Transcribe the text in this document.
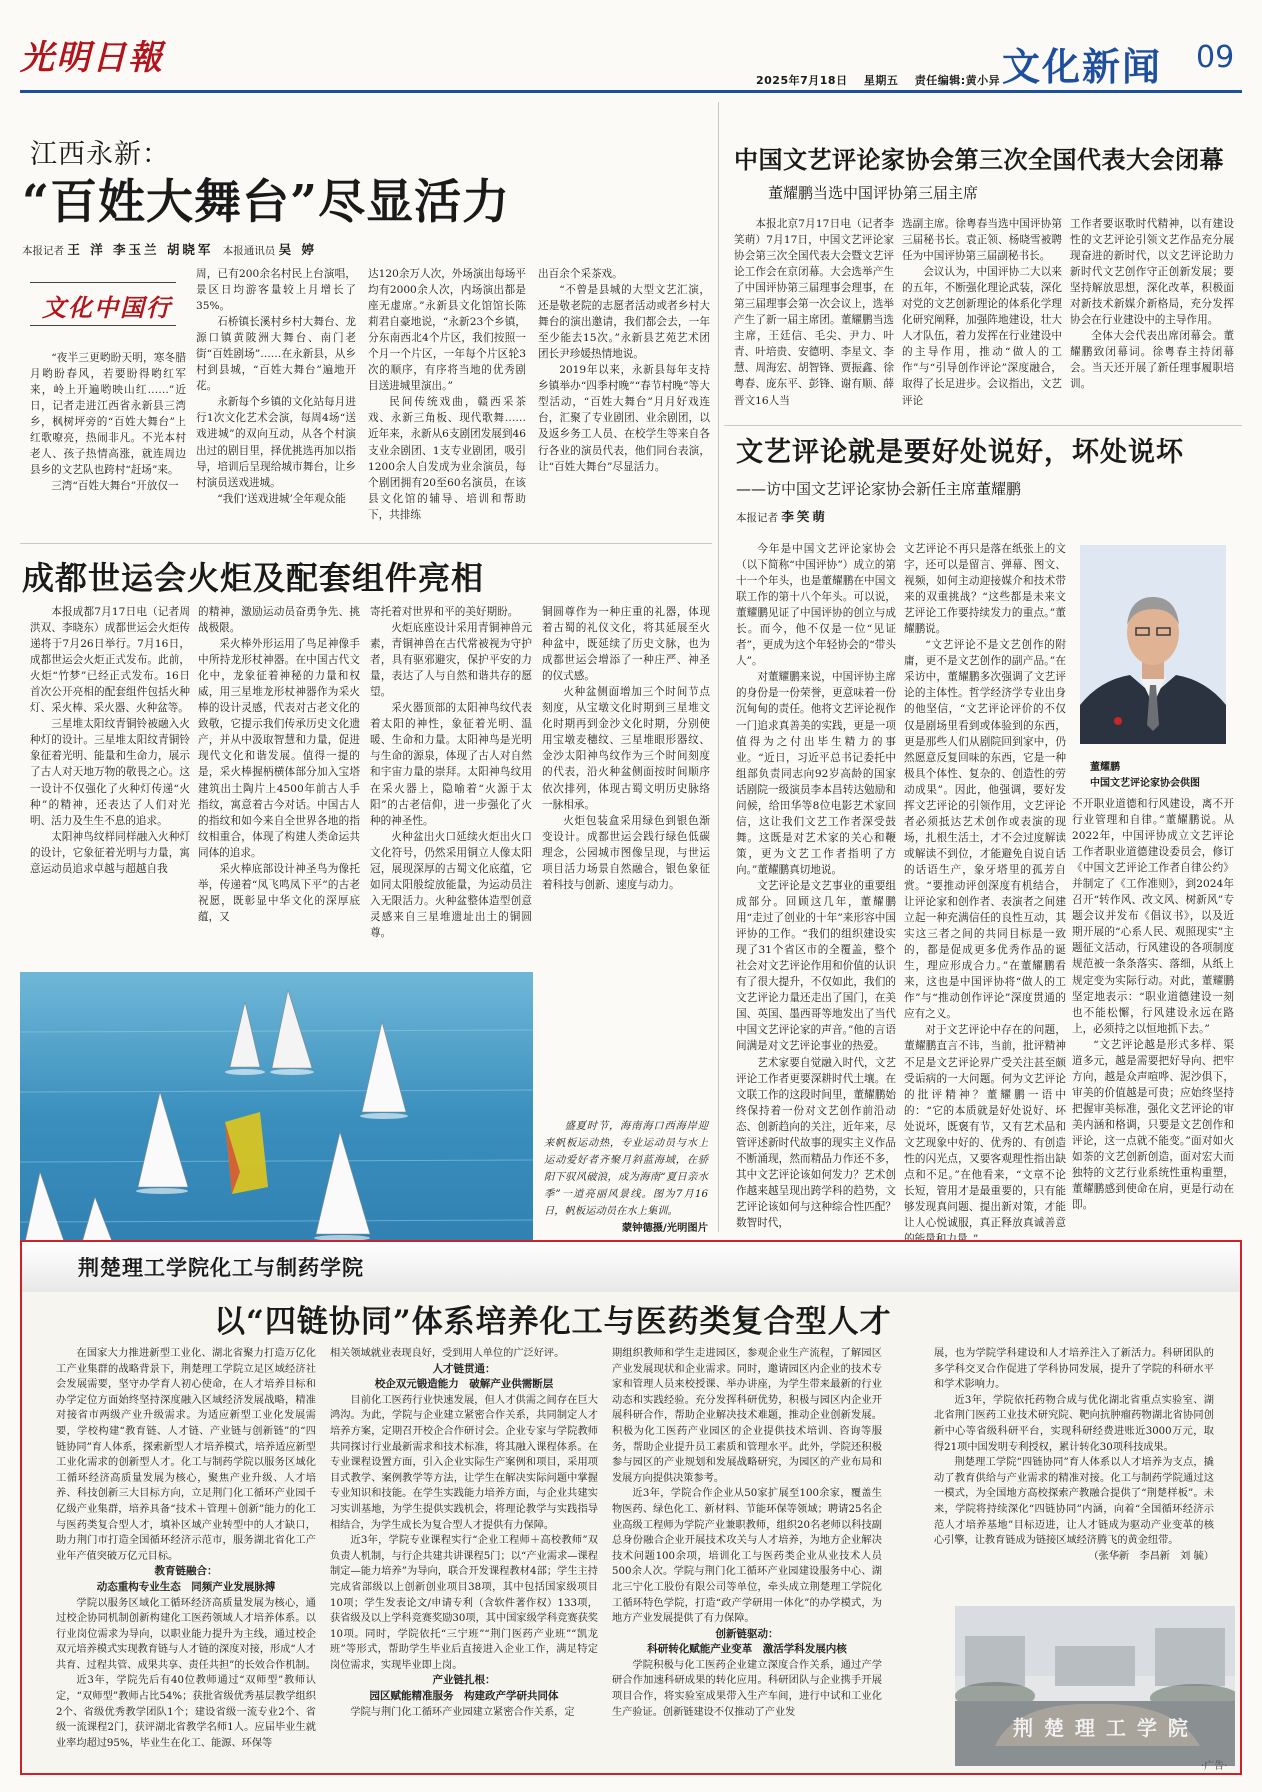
光明日報
2025年7月18日 星期五 责任编辑:黄小异 文化新闻 09
江西永新：
“百姓大舞台”尽显活力
本报记者 王 洋 李玉兰 胡晓军 本报通讯员 吴 婷
文化中国行

“夜半三更哟盼天明，寒冬腊月哟盼春风，若要盼得哟红军来，岭上开遍哟映山红……”近日，记者走进江西省永新县三湾乡，枫树坪旁的“百姓大舞台”上红歌嘹亮，热闹非凡。不光本村老人、孩子热情高涨，就连周边县乡的文艺队也跨村“赶场”来。

三湾“百姓大舞台”开放仅一

周，已有200余名村民上台演唱，景区日均游客量较上月增长了35%。

石桥镇长溪村乡村大舞台、龙源口镇黄陂洲大舞台、南门老街“百姓剧场”……在永新县，从乡村到县城，“百姓大舞台”遍地开花。

永新每个乡镇的文化站每月进行1次文化艺术会演，每周4场“送戏进城”的双向互动，从各个村演出过的剧目里，择优挑选再加以指导，培训后呈现给城市舞台，让乡村演员送戏进城。

“我们‘送戏进城’全年观众能

达120余万人次，外场演出每场平均有2000余人次，内场演出都是座无虚席。”永新县文化馆馆长陈莉君自豪地说，“永新23个乡镇，分东南西北4个片区，我们按照一个月一个片区，一年每个片区轮3次的顺序，有序将当地的优秀剧目送进城里演出。”

民间传统戏曲，赣西采茶戏、永新三角板、现代歌舞……近年来，永新从6支剧团发展到46支业余剧团、1支专业剧团，吸引1200余人自发成为业余演员，每个剧团拥有20至60名演员，在该县文化馆的辅导、培训和帮助下，共排练

出百余个采茶戏。

“不曾是县城的大型文艺汇演，还是敬老院的志愿者活动或者乡村大舞台的演出邀请，我们都会去，一年至少能去15次。”永新县艺苑艺术团团长尹珍媛热情地说。

2019年以来，永新县每年支持乡镇举办“四季村晚”“春节村晚”等大型活动，“百姓大舞台”月月好戏连台，汇聚了专业剧团、业余剧团，以及返乡务工人员、在校学生等来自各行各业的演员代表，他们同台表演，让“百姓大舞台”尽显活力。

成都世运会火炬及配套组件亮相

本报成都7月17日电（记者周洪双、李晓东）成都世运会火炬传递将于7月26日举行。7月16日，成都世运会火炬正式发布。此前，火炬“竹梦”已经正式发布。16日首次公开亮相的配套组件包括火种灯、采火棒、采火器、火种盆等。

三星堆太阳纹青铜铃被融入火种灯的设计。三星堆太阳纹青铜铃象征着光明、能量和生命力，展示了古人对天地万物的敬畏之心。这一设计不仅强化了火种灯传递“火种”的精神，还表达了人们对光明、活力及生生不息的追求。

太阳神鸟纹样同样融入火种灯的设计，它象征着光明与力量，寓意运动员追求卓越与超越自我

的精神，激励运动员奋勇争先、挑战极限。

采火棒外形运用了鸟足神像手中所持龙形杖神器。在中国古代文化中，龙象征着神秘的力量和权威，用三星堆龙形杖神器作为采火棒的设计灵感，代表对古老文化的致敬，它提示我们传承历史文化遗产，并从中汲取智慧和力量，促进现代文化和谐发展。值得一提的是，采火棒握柄横体部分加入宝塔建筑出土陶片上4500年前古人手指纹，寓意着古今对话。中国古人的指纹和如今来自全世界各地的指纹相重合，体现了构建人类命运共同体的追求。

采火棒底部设计神圣鸟为像托举，传递着“凤飞鸣凤下平”的古老祝愿，既彰显中华文化的深厚底蕴，又

寄托着对世界和平的美好期盼。

火炬底座设计采用青铜神兽元素，青铜神兽在古代常被视为守护者，具有驱邪避灾，保护平安的力量，表达了人与自然和谐共存的愿望。

采火器顶部的太阳神鸟纹代表着太阳的神性，象征着光明、温暖、生命和力量。太阳神鸟是光明与生命的源泉，体现了古人对自然和宇宙力量的崇拜。太阳神鸟纹用在采火器上，隐喻着“火源于太阳”的古老信仰，进一步强化了火种的神圣性。

火种盆出火口延续火炬出火口文化符号，仍然采用铜立人像太阳冠，展现深厚的古蜀文化底蕴，它如同太阳般绽放能量，为运动员注入无限活力。火种盆整体造型创意灵感来自三星堆遗址出土的铜圆尊。

铜圆尊作为一种庄重的礼器，体现着古蜀的礼仪文化，将其延展至火种盆中，既延续了历史文脉，也为成都世运会增添了一种庄严、神圣的仪式感。

火种盆侧面增加三个时间节点刻度，从宝墩文化时期到三星堆文化时期再到金沙文化时期，分别使用宝墩麦穗纹、三星堆眼形器纹、金沙太阳神鸟纹作为三个时间刻度的代表，沿火种盆侧面按时间顺序依次排列，体现古蜀文明历史脉络一脉相承。

火炬包装盒采用绿色到银色渐变设计。成都世运会践行绿色低碳理念，公园城市图像呈现，与世运项目活力场景自然融合，银色象征着科技与创新、速度与动力。

盛夏时节，海南海口西海岸迎来帆板运动热，专业运动员与水上运动爱好者齐聚月斜蓝海域，在骄阳下驭风破浪，成为海南“夏日亲水季”一道亮丽风景线。图为7月16日，帆板运动员在水上集训。

蒙钟德摄/光明图片

中国文艺评论家协会第三次全国代表大会闭幕
董耀鹏当选中国评协第三届主席

本报北京7月17日电（记者李笑萌）7月17日，中国文艺评论家协会第三次全国代表大会暨文艺评论工作会在京闭幕。大会选举产生了中国评协第三届理事会理事，在第三届理事会第一次会议上，选举产生了新一届主席团。董耀鹏当选主席，王廷信、毛尖、尹力、叶青、叶培贵、安德明、李星文、李慧、周海宏、胡智锋、贾振鑫、徐粤春、庞东平、彭锋、谢有顺、薛晋文16人当

选副主席。徐粤春当选中国评协第三届秘书长。袁正领、杨晓雪被聘任为中国评协第三届副秘书长。

会议认为，中国评协二大以来的五年，不断强化理论武装，深化对党的文艺创新理论的体系化学理化研究阐释，加强阵地建设，壮大人才队伍，着力发挥在行业建设中的主导作用，推动“做人的工作”与“引导创作评论”深度融合，取得了长足进步。会议指出，文艺评论

工作者要讴歌时代精神，以有建设性的文艺评论引领文艺作品充分展现奋进的新时代，以文艺评论助力新时代文艺创作守正创新发展；要坚持解放思想，深化改革，积极面对新技术新媒介新格局，充分发挥协会在行业建设中的主导作用。

全体大会代表出席闭幕会。董耀鹏致闭幕词。徐粤春主持闭幕会。当天还开展了新任理事履职培训。

文艺评论就是要好处说好，坏处说坏
——访中国文艺评论家协会新任主席董耀鹏
本报记者 李笑萌

今年是中国文艺评论家协会（以下简称“中国评协”）成立的第十一个年头，也是董耀鹏在中国文联工作的第十八个年头。可以说，董耀鹏见证了中国评协的创立与成长。而今，他不仅是一位“见证者”，更成为这个年轻协会的“带头人”。

对董耀鹏来说，中国评协主席的身份是一份荣誉，更意味着一份沉甸甸的责任。他将文艺评论视作一门追求真善美的实践，更是一项值得为之付出毕生精力的事业。“近日，习近平总书记委托中组部负责同志向92岁高龄的国家话剧院一级演员李本昌转达勉励和问候，给田华等8位电影艺术家回信，这让我们文艺工作者深受鼓舞。这既是对艺术家的关心和鞭策，更为文艺工作者指明了方向。”董耀鹏真切地说。

文艺评论是文艺事业的重要组成部分。回顾这几年，董耀鹏用“走过了创业的十年”来形容中国评协的工作。“我们的组织建设实现了31个省区市的全覆盖，整个社会对文艺评论作用和价值的认识有了很大提升，不仅如此，我们的文艺评论力量还走出了国门，在美国、英国、墨西哥等地发出了当代中国文艺评论家的声音。”他的言语间满是对文艺评论事业的热爱。

艺术家要自觉融入时代，文艺评论工作者更要深耕时代土壤。在文联工作的这段时间里，董耀鹏始终保持着一份对文艺创作前沿动态、创新趋向的关注，近年来，尽管评述新时代故事的现实主义作品不断涌现，然而精品力作还不多，其中文艺评论该如何发力？艺术创作越来越呈现出跨学科的趋势，文艺评论该如何与这种综合性匹配？数智时代，

文艺评论不再只是落在纸张上的文字，还可以是留言、弹幕、图文、视频，如何主动迎接媒介和技术带来的双重挑战？“这些都是未来文艺评论工作要持续发力的重点。”董耀鹏说。

“文艺评论不是文艺创作的附庸，更不是文艺创作的副产品。”在采访中，董耀鹏多次强调了文艺评论的主体性。哲学经济学专业出身的他坚信，“文艺评论评价的不仅仅是剧场里看到或体验到的东西，更是那些人们从剧院回到家中，仍然愿意反复回味的东西，它是一种极具个体性、复杂的、创造性的劳动成果”。因此，他强调，要好发挥文艺评论的引领作用，文艺评论者必须抵达艺术创作或表演的现场，扎根生活土，才不会过度解读或解读不到位，才能避免自说自话的话语生产，象牙塔里的孤芳自赏。“要推动评创深度有机结合，让评论家和创作者、表演者之间建立起一种充满信任的良性互动，其实这三者之间的共同目标是一致的，都是促成更多优秀作品的诞生，理应形成合力。”在董耀鹏看来，这也是中国评协将“做人的工作”与“推动创作评论”深度贯通的应有之义。

对于文艺评论中存在的问题，董耀鹏直言不讳，当前，批评精神不足是文艺评论界广受关注甚至颇受诟病的一大问题。何为文艺评论的批评精神？董耀鹏一语中的：“它的本质就是好处说好、坏处说坏，既褒有节，又有艺术品和文艺现象中好的、优秀的、有创造性的闪光点，又要客观理性指出缺点和不足。”在他看来，“文章不论长短，管用才是最重要的，只有能够发现真问题、提出新对策，才能让人心悦诚服，真正释放真诚善意

董耀鹏
中国文艺评论家协会供图

不开职业道德和行风建设，离不开行业管理和自律。”董耀鹏说。从2022年，中国评协成立文艺评论工作者职业道德建设委员会，修订《中国文艺评论工作者自律公约》并制定了《工作准则》，到2024年召开“转作风、改文风、树新风”专题会议并发布《倡议书》，以及近期开展的“心系人民、观照现实”主题征文活动，行风建设的各项制度规范被一条条落实、落细，从纸上规定变为实际行动。对此，董耀鹏坚定地表示：“职业道德建设一刻也不能松懈，行风建设永远在路上，必须持之以恒地抓下去。”

“文艺评论越是形式多样、渠道多元，越是需要把好导向、把牢方向，越是众声喧哗、泥沙俱下，审美的价值越是可贵；应始终坚持把握审美标准，强化文艺评论的审美内涵和格调，只要是文艺创作和评论，这一点就不能变。”面对如火如荼的文艺创新创造，面对宏大而独特的文艺行业系统性重构重塑，董耀鹏感到使命在肩，更是行动在即。

荆楚理工学院化工与制药学院
以“四链协同”体系培养化工与医药类复合型人才

在国家大力推进新型工业化、湖北省聚力打造万亿化工产业集群的战略背景下，荆楚理工学院立足区域经济社会发展需要，坚守办学育人初心使命，在人才培养目标和办学定位方面始终坚持深度融入区域经济发展战略，精准对接省市两级产业升级需求。为适应新型工业化发展需要，学校构建“教育链、人才链、产业链与创新链”的“四链协同”育人体系，探索新型人才培养模式，培养适应新型工业化需求的创新型人才。化工与制药学院以服务区域化工循环经济高质量发展为核心，聚焦产业升级、人才培养、科技创新三大目标方向，立足荆门化工循环产业园千亿级产业集群，培养具备“技术＋管理＋创新”能力的化工与医药类复合型人才，填补区域产业转型中的人才缺口，助力荆门市打造全国循环经济示范市，服务湖北省化工产业年产值突破万亿元目标。

教育链融合：

动态重构专业生态　同频产业发展脉搏

学院以服务区域化工循环经济高质量发展为核心，通过校企协同机制创新构建化工医药领域人才培养体系。以行业岗位需求为导向，以职业能力提升为主线，通过校企双元培养模式实现教育链与人才链的深度对接，形成“人才共育、过程共管、成果共享、责任共担”的长效合作机制。

近3年，学院先后有40位教师通过“双师型”教师认定，“双师型”教师占比54%；获批省级优秀基层教学组织2个、省级优秀教学团队1个；建设省级一流专业2个、省级一流课程2门，获评湖北省教学名师1人。应届毕业生就业率均超过95%，毕业生在化工、能源、环保等

相关领域就业表现良好，受到用人单位的广泛好评。

人才链贯通：

校企双元锻造能力　破解产业供需断层

目前化工医药行业快速发展，但人才供需之间存在巨大鸿沟。为此，学院与企业建立紧密合作关系，共同制定人才培养方案，定期召开校企合作研讨会。企业专家与学院教师共同探讨行业最新需求和技术标准，将其融入课程体系。在专业课程设置方面，引入企业实际生产案例和项目，采用项目式教学、案例教学等方法，让学生在解决实际问题中掌握专业知识和技能。在学生实践能力培养方面，与企业共建实习实训基地，为学生提供实践机会，将理论教学与实践指导相结合，为学生成长为复合型人才提供有力保障。

近3年，学院专业课程实行“企业工程师＋高校教师”双负责人机制，与行企共建共讲课程5门；以“产业需求—课程制定—能力培养”为导向，联合开发课程教材4部；学生主持完成省部级以上创新创业项目38项，其中包括国家级项目10项；学生发表论文/申请专利（含软件著作权）133项，获省级及以上学科竞赛奖励30项，其中国家级学科竞赛获奖10项。同时，学院依托“三宁班”“荆门医药产业班”“凯龙班”等形式，帮助学生毕业后直接进入企业工作，满足特定岗位需求，实现毕业即上岗。

产业链扎根：

园区赋能精准服务　构建政产学研共同体

学院与荆门化工循环产业园建立紧密合作关系，定

期组织教师和学生走进园区，参观企业生产流程，了解园区产业发展现状和企业需求。同时，邀请园区内企业的技术专家和管理人员来校授课、举办讲座，为学生带来最新的行业动态和实践经验。充分发挥科研优势，积极与园区内企业开展科研合作，帮助企业解决技术难题，推动企业创新发展。积极为化工医药产业园区的企业提供技术培训、咨询等服务，帮助企业提升员工素质和管理水平。此外，学院还积极参与园区的产业规划和发展战略研究，为园区的产业布局和发展方向提供决策参考。

近3年，学院合作企业从50家扩展至100余家，覆盖生物医药、绿色化工、新材料、节能环保等领域；聘请25名企业高级工程师为学院产业兼职教师，组织20名老师以科技副总身份融合企业开展技术攻关与人才培养，为地方企业解决技术问题100余项，培训化工与医药类企业从业技术人员500余人次。学院与荆门化工循环产业园建设服务中心、湖北三宁化工股份有限公司等单位，牵头成立荆楚理工学院化工循环特色学院，打造“政产学研用一体化”的办学模式，为地方产业发展提供了有力保障。

创新链驱动：

科研转化赋能产业变革　激活学科发展内核

学院积极与化工医药企业建立深度合作关系，通过产学研合作加速科研成果的转化应用。科研团队与企业携手开展项目合作，将实验室成果带入生产车间，进行中试和工业化生产验证。创新链建设不仅推动了产业发

展，也为学院学科建设和人才培养注入了新活力。科研团队的多学科交叉合作促进了学科协同发展，提升了学院的科研水平和学术影响力。

近3年，学院依托药物合成与优化湖北省重点实验室、湖北省荆门医药工业技术研究院、靶向抗肿瘤药物湖北省协同创新中心等省级科研平台，实现科研经费进账近3000万元，取得21项中国发明专利授权，累计转化30项科技成果。

荆楚理工学院“四链协同”育人体系以人才培养为支点，撬动了教育供给与产业需求的精准对接。化工与制药学院通过这一模式，为全国地方高校探索产教融合提供了“荆楚样板”。未来，学院将持续深化“四链协同”内涵，向着“全国循环经济示范人才培养基地”目标迈进，让人才链成为驱动产业变革的核心引擎，让教育链成为链接区域经济腾飞的黄金纽带。

（张华新　李昌新　刘 毓）

荆 楚 理 工 学 院
·广告·
